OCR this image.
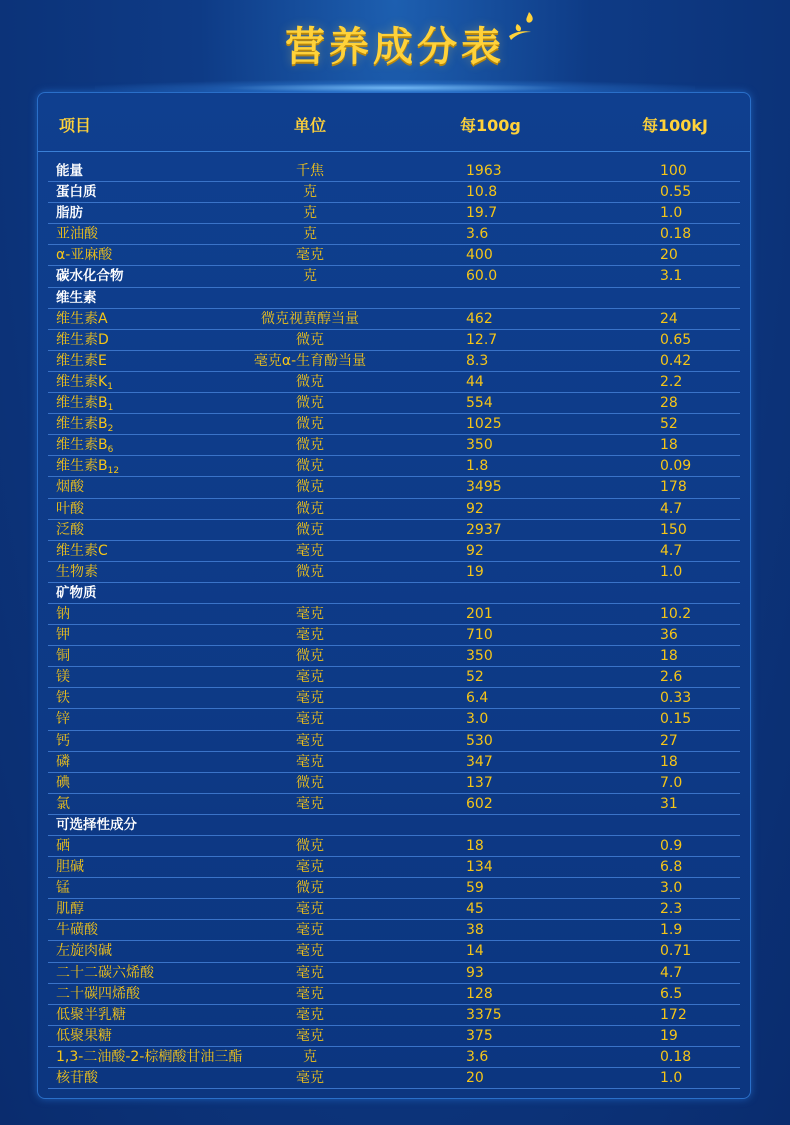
营养成分表
项目	单位	每100g	每100kJ
能量	千焦	1963	100
蛋白质	克	10.8	0.55
脂肪	克	19.7	1.0
亚油酸	克	3.6	0.18
α-亚麻酸	毫克	400	20
碳水化合物	克	60.0	3.1
维生素
维生素A	微克视黄醇当量	462	24
维生素D	微克	12.7	0.65
维生素E	毫克α-生育酚当量	8.3	0.42
维生素$K_1$	微克	44	2.2
维生素$B_1$	微克	554	28
维生素$B_2$	微克	1025	52
维生素$B_6$	微克	350	18
维生素$B_{12}$	微克	1.8	0.09
烟酸	微克	3495	178
叶酸	微克	92	4.7
泛酸	微克	2937	150
维生素C	毫克	92	4.7
生物素	微克	19	1.0
矿物质
钠	毫克	201	10.2
钾	毫克	710	36
铜	微克	350	18
镁	毫克	52	2.6
铁	毫克	6.4	0.33
锌	毫克	3.0	0.15
钙	毫克	530	27
磷	毫克	347	18
碘	微克	137	7.0
氯	毫克	602	31
可选择性成分
硒	微克	18	0.9
胆碱	毫克	134	6.8
锰	微克	59	3.0
肌醇	毫克	45	2.3
牛磺酸	毫克	38	1.9
左旋肉碱	毫克	14	0.71
二十二碳六烯酸	毫克	93	4.7
二十碳四烯酸	毫克	128	6.5
低聚半乳糖	毫克	3375	172
低聚果糖	毫克	375	19
1,3-二油酸-2-棕榈酸甘油三酯	克	3.6	0.18
核苷酸	毫克	20	1.0
